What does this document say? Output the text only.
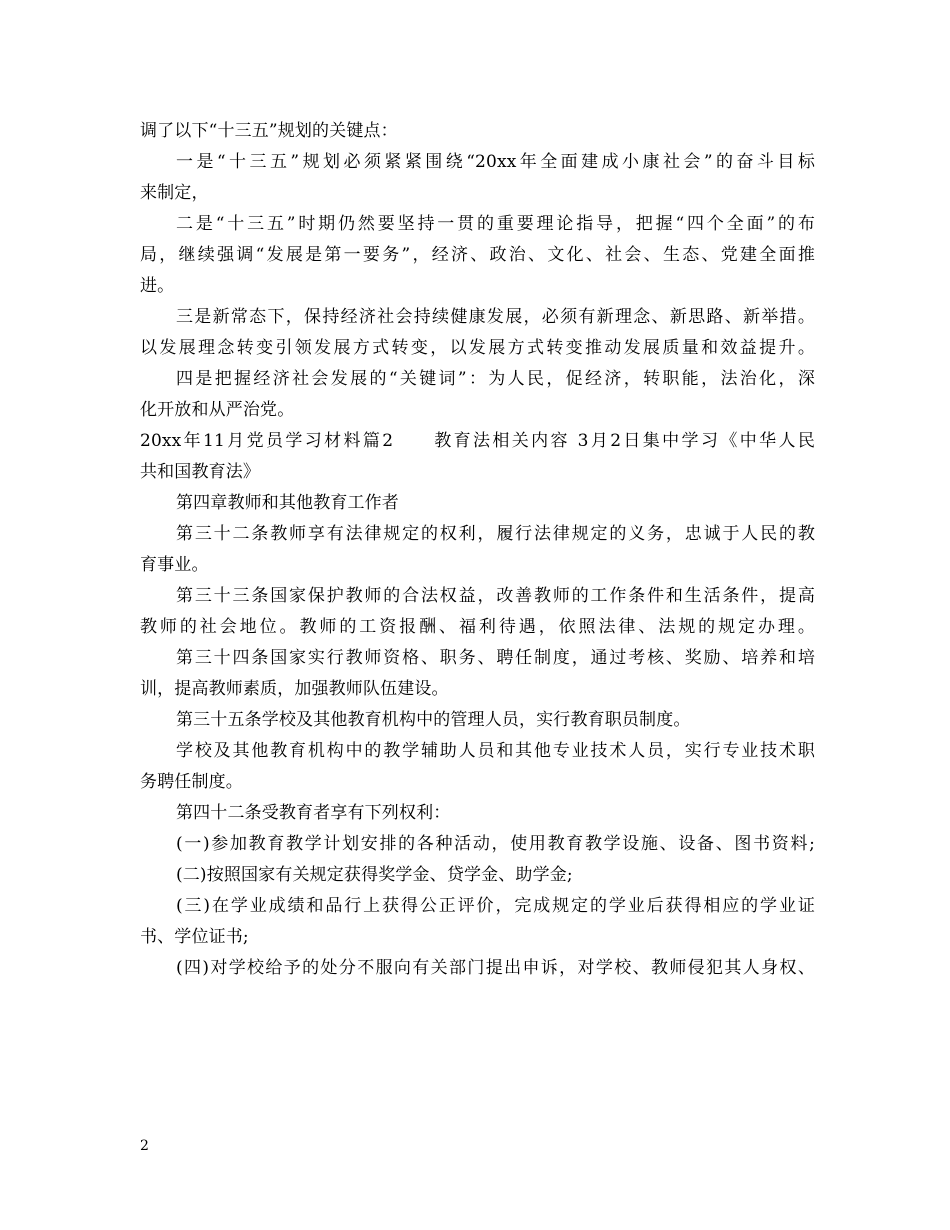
调了以下“十三五”规划的关键点：
一是“十三五”规划必须紧紧围绕“20xx年全面建成小康社会”的奋斗目标
来制定，
二是“十三五”时期仍然要坚持一贯的重要理论指导，把握“四个全面”的布
局，继续强调“发展是第一要务”，经济、政治、文化、社会、生态、党建全面推
进。
三是新常态下，保持经济社会持续健康发展，必须有新理念、新思路、新举措。
以发展理念转变引领发展方式转变，以发展方式转变推动发展质量和效益提升。
四是把握经济社会发展的“关键词”：为人民，促经济，转职能，法治化，深
化开放和从严治党。
20xx年11月党员学习材料篇2　　教育法相关内容 3月2日集中学习《中华人民
共和国教育法》
第四章教师和其他教育工作者
第三十二条教师享有法律规定的权利，履行法律规定的义务，忠诚于人民的教
育事业。
第三十三条国家保护教师的合法权益，改善教师的工作条件和生活条件，提高
教师的社会地位。教师的工资报酬、福利待遇，依照法律、法规的规定办理。
第三十四条国家实行教师资格、职务、聘任制度，通过考核、奖励、培养和培
训，提高教师素质，加强教师队伍建设。
第三十五条学校及其他教育机构中的管理人员，实行教育职员制度。
学校及其他教育机构中的教学辅助人员和其他专业技术人员，实行专业技术职
务聘任制度。
第四十二条受教育者享有下列权利：
(一)参加教育教学计划安排的各种活动，使用教育教学设施、设备、图书资料;
(二)按照国家有关规定获得奖学金、贷学金、助学金;
(三)在学业成绩和品行上获得公正评价，完成规定的学业后获得相应的学业证
书、学位证书;
(四)对学校给予的处分不服向有关部门提出申诉，对学校、教师侵犯其人身权、
2
